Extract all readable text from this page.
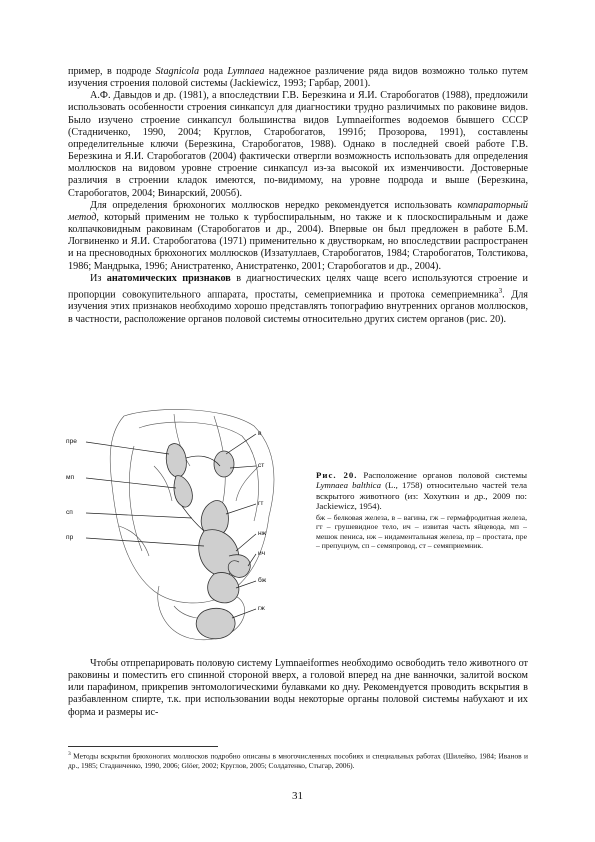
пример, в подроде Stagnicola рода Lymnaea надежное различение ряда видов возможно только путем изучения строения половой системы (Jackiewicz, 1993; Гарбар, 2001).

А.Ф. Давыдов и др. (1981), а впоследствии Г.В. Березкина и Я.И. Старобогатов (1988), предложили использовать особенности строения синкапсул для диагностики трудно различимых по раковине видов. Было изучено строение синкапсул большинства видов Lymnaeiformes водоемов бывшего СССР (Стадниченко, 1990, 2004; Круглов, Старобогатов, 1991б; Прозорова, 1991), составлены определительные ключи (Березкина, Старобогатов, 1988). Однако в последней своей работе Г.В. Березкина и Я.И. Старобогатов (2004) фактически отвергли возможность использовать для определения моллюсков на видовом уровне строение синкапсул из-за высокой их изменчивости. Достоверные различия в строении кладок имеются, по-видимому, на уровне подрода и выше (Березкина, Старобогатов, 2004; Винарский, 2005б).

Для определения брюхоногих моллюсков нередко рекомендуется использовать компараторный метод, который применим не только к турбоспиральным, но также и к плоскоспиральным и даже колпачковидным раковинам (Старобогатов и др., 2004). Впервые он был предложен в работе Б.М. Логвиненко и Я.И. Старобогатова (1971) применительно к двустворкам, но впоследствии распространен и на пресноводных брюхоногих моллюсков (Иззатуллаев, Старобогатов, 1984; Старобогатов, Толстикова, 1986; Мандрыка, 1996; Анистратенко, Анистратенко, 2001; Старобогатов и др., 2004).

Из анатомических признаков в диагностических целях чаще всего используются строение и пропорции совокупительного аппарата, простаты, семеприемника и протока семеприемника$^3$. Для изучения этих признаков необходимо хорошо представлять топографию внутренних органов моллюсков, в частности, расположение органов половой системы относительно других систем органов (рис. 20).

пре
мп
сп
пр
в
ст
гт
нж
ич
бж
гж
Рис. 20. Расположение органов половой системы Lymnaea balthica (L., 1758) относительно частей тела вскрытого животного (из: Хохуткин и др., 2009 по: Jackiewicz, 1954).
бж – белковая железа, в – вагина, гж – гермафродитная железа, гт – грушевидное тело, ич – извитая часть яйцевода, мп – мешок пениса, нж – нидаментальная железа, пр – простата, пре – препуциум, сп – семяпровод, ст – семяприемник.

Чтобы отпрепарировать половую систему Lymnaeiformes необходимо освободить тело животного от раковины и поместить его спинной стороной вверх, а головой вперед на дне ванночки, залитой воском или парафином, прикрепив энтомологическими булавками ко дну. Рекомендуется проводить вскрытия в разбавленном спирте, т.к. при использовании воды некоторые органы половой системы набухают и их форма и размеры ис-

$^3$ Методы вскрытия брюхоногих моллюсков подробно описаны в многочисленных пособиях и специальных работах (Шилейко, 1984; Иванов и др., 1985; Стадниченко, 1990, 2006; Glöer, 2002; Круглов, 2005; Солдатенко, Стыгар, 2006).
31
